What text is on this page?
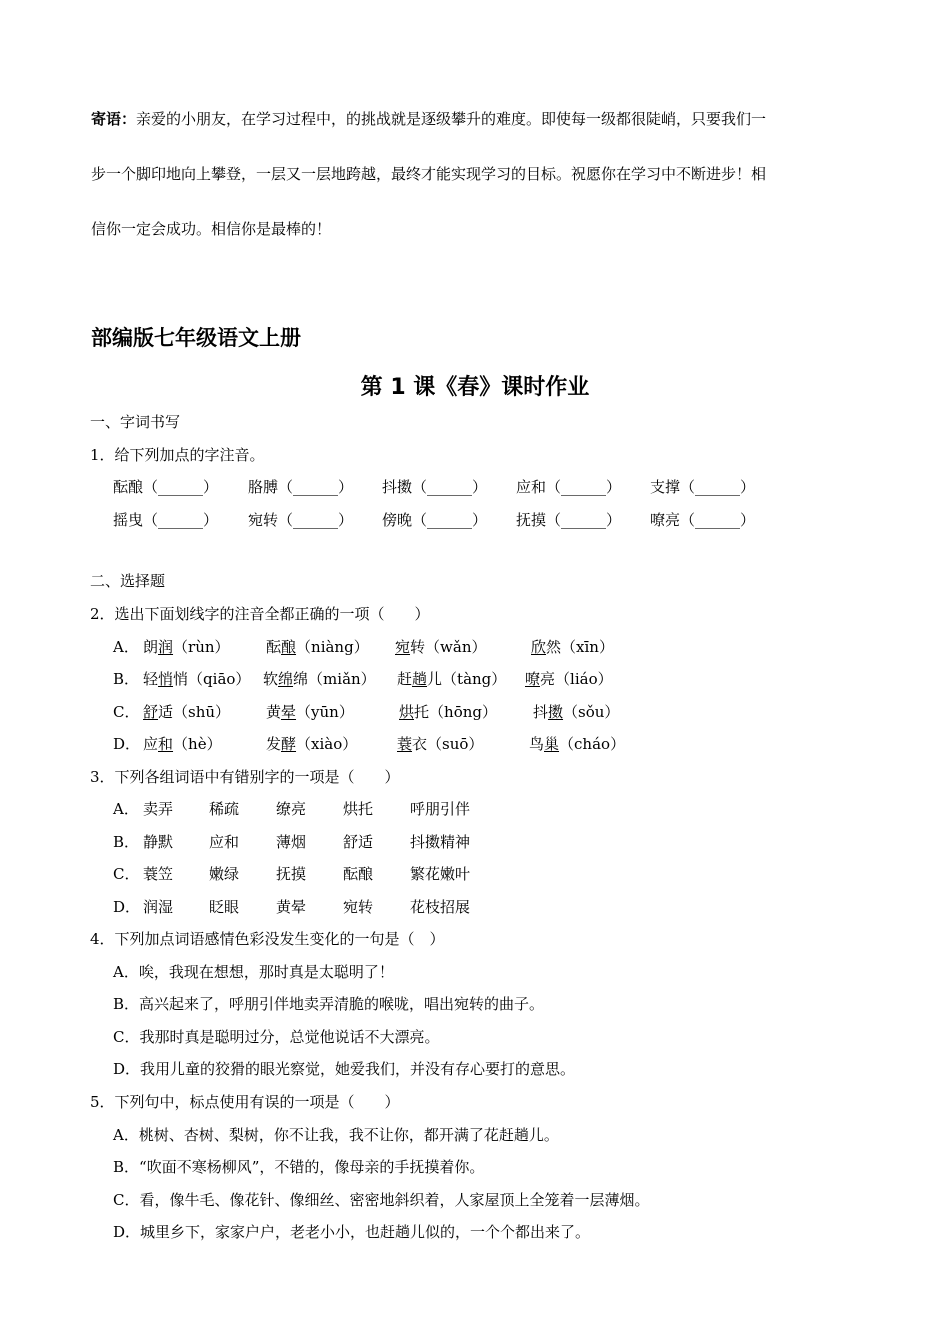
寄语：亲爱的小朋友，在学习过程中，的挑战就是逐级攀升的难度。即使每一级都很陡峭，只要我们一
步一个脚印地向上攀登，一层又一层地跨越，最终才能实现学习的目标。祝愿你在学习中不断进步！相
信你一定会成功。相信你是最棒的！
部编版七年级语文上册
第 1 课《春》课时作业
一、字词书写
1．给下列加点的字注音。
酝酿（______） 胳膊（______） 抖擞（______） 应和（______） 支撑（______）
摇曳（______） 宛转（______） 傍晚（______） 抚摸（______） 嘹亮（______）
二、选择题
2．选出下面划线字的注音全都正确的一项（　　）
A． 朗润（rùn） 酝酿（niàng） 宛转（wǎn）	欣然（xīn）
B． 轻悄悄（qiāo） 软绵绵（miǎn） 赶趟儿（tàng） 嘹亮（liáo）
C． 舒适（shū） 黄晕（yūn）	烘托（hōng） 抖擞（sǒu）
D． 应和（hè）	发酵（xiào）	蓑衣（suō）	鸟巢（cháo）
3．下列各组词语中有错别字的一项是（　　）
A． 卖弄 稀疏 缭亮 烘托 呼朋引伴
B． 静默 应和 薄烟 舒适 抖擞精神
C． 蓑笠 嫩绿 抚摸 酝酿 繁花嫩叶
D． 润湿 眨眼 黄晕 宛转 花枝招展
4．下列加点词语感情色彩没发生变化的一句是（　）
A．唉，我现在想想，那时真是太聪明了！
B．高兴起来了，呼朋引伴地卖弄清脆的喉咙，唱出宛转的曲子。
C．我那时真是聪明过分，总觉他说话不大漂亮。
D．我用儿童的狡猾的眼光察觉，她爱我们，并没有存心要打的意思。
5．下列句中，标点使用有误的一项是（　　）
A．桃树、杏树、梨树，你不让我，我不让你，都开满了花赶趟儿。
B．“吹面不寒杨柳风”，不错的，像母亲的手抚摸着你。
C．看，像牛毛、像花针、像细丝、密密地斜织着，人家屋顶上全笼着一层薄烟。
D．城里乡下，家家户户，老老小小，也赶趟儿似的，一个个都出来了。
